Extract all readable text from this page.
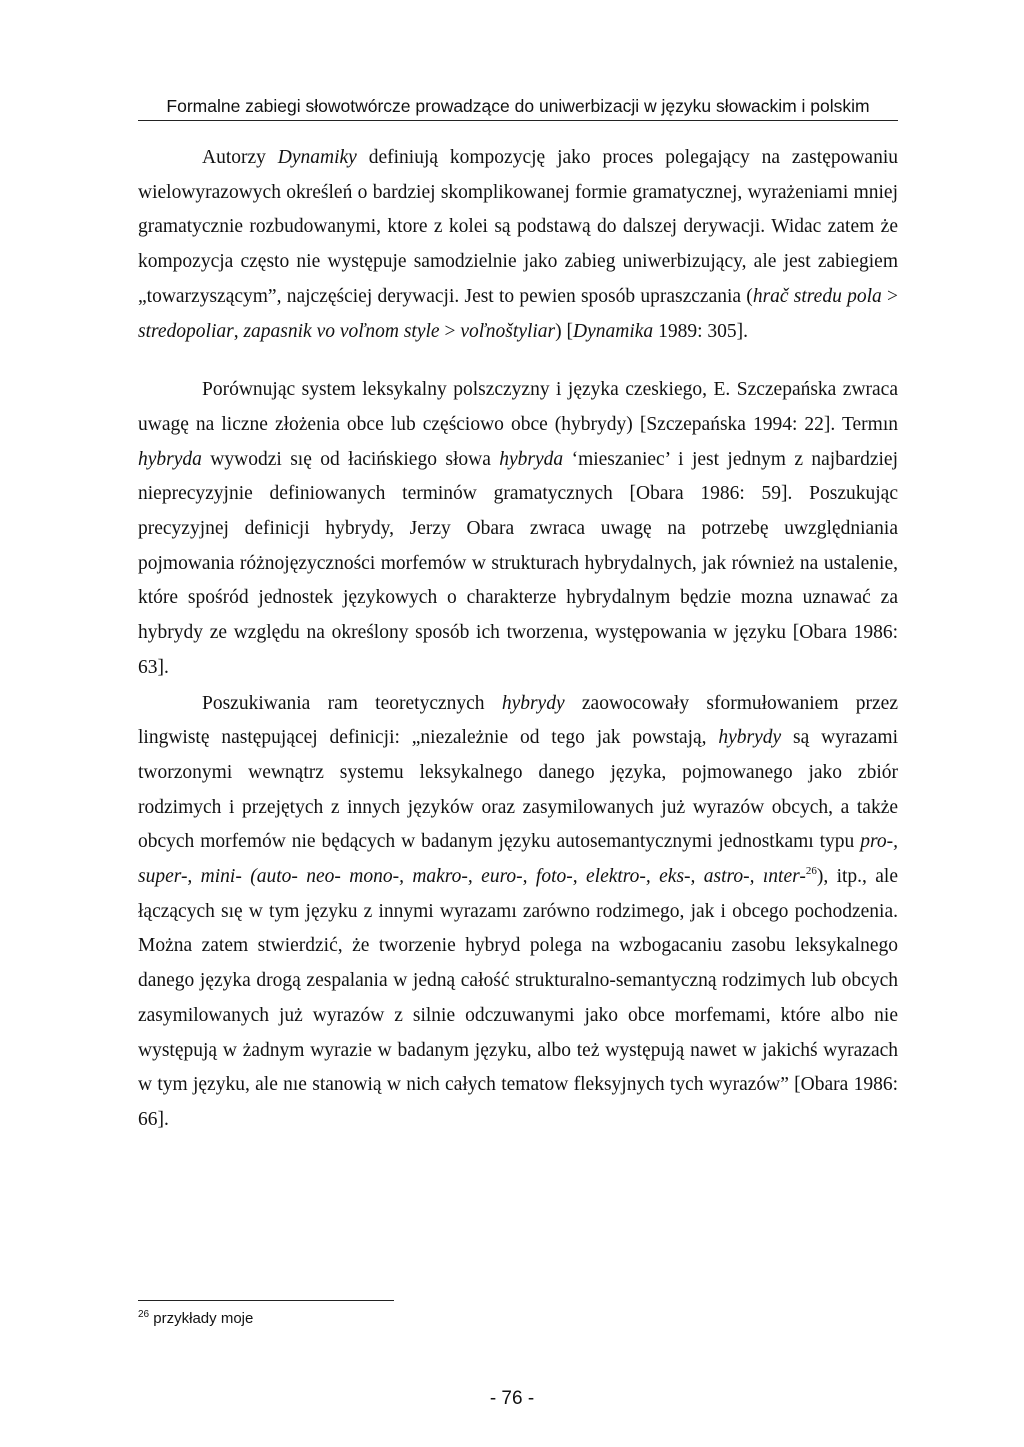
Formalne zabiegi słowotwórcze prowadzące do uniwerbizacji w języku słowackim i polskim

Autorzy Dynamiky definiują kompozycję jako proces polegający na zastępowaniu wielowyrazowych określeń o bardziej skomplikowanej formie gramatycznej, wyrażeniami mniej gramatycznie rozbudowanymi, ktore z kolei są podstawą do dalszej derywacji. Widac zatem że kompozycja często nie występuje samodzielnie jako zabieg uniwerbizujący, ale jest zabiegiem „towarzyszącym”, najczęściej derywacji. Jest to pewien sposób upraszczania (hrač stredu pola > stredopoliar, zapasnik vo voľnom style > voľnoštyliar) [Dynamika 1989: 305].

Porównując system leksykalny polszczyzny i języka czeskiego, E. Szczepańska zwraca uwagę na liczne złożenia obce lub częściowo obce (hybrydy) [Szczepańska 1994: 22]. Termın hybryda wywodzi sıę od łacińskiego słowa hybryda ‘mieszaniec’ i jest jednym z najbardziej nieprecyzyjnie definiowanych terminów gramatycznych [Obara 1986: 59]. Poszukując precyzyjnej definicji hybrydy, Jerzy Obara zwraca uwagę na potrzebę uwzględniania pojmowania różnojęzyczności morfemów w strukturach hybrydalnych, jak również na ustalenie, które spośród jednostek językowych o charakterze hybrydalnym będzie mozna uznawać za hybrydy ze względu na określony sposób ich tworzenıa, występowania w języku [Obara 1986: 63].

Poszukiwania ram teoretycznych hybrydy zaowocowały sformułowaniem przez lingwistę następującej definicji: „niezależnie od tego jak powstają, hybrydy są wyrazami tworzonymi wewnątrz systemu leksykalnego danego języka, pojmowanego jako zbiór rodzimych i przejętych z innych języków oraz zasymilowanych już wyrazów obcych, a także obcych morfemów nie będących w badanym języku autosemantycznymi jednostkamı typu pro-, super-, mini- (auto- neo- mono-, makro-, euro-, foto-, elektro-, eks-, astro-, ınter-$^{26}$), itp., ale łączących sıę w tym języku z innymi wyrazamı zarówno rodzimego, jak i obcego pochodzenia. Można zatem stwierdzić, że tworzenie hybryd polega na wzbogacaniu zasobu leksykalnego danego języka drogą zespalania w jedną całość strukturalno-semantyczną rodzimych lub obcych zasymilowanych już wyrazów z silnie odczuwanymi jako obce morfemami, które albo nie występują w żadnym wyrazie w badanym języku, albo też występują nawet w jakichś wyrazach w tym języku, ale nıe stanowią w nich całych tematow fleksyjnych tych wyrazów” [Obara 1986: 66].

$^{26}$ przykłady moje
- 76 -
